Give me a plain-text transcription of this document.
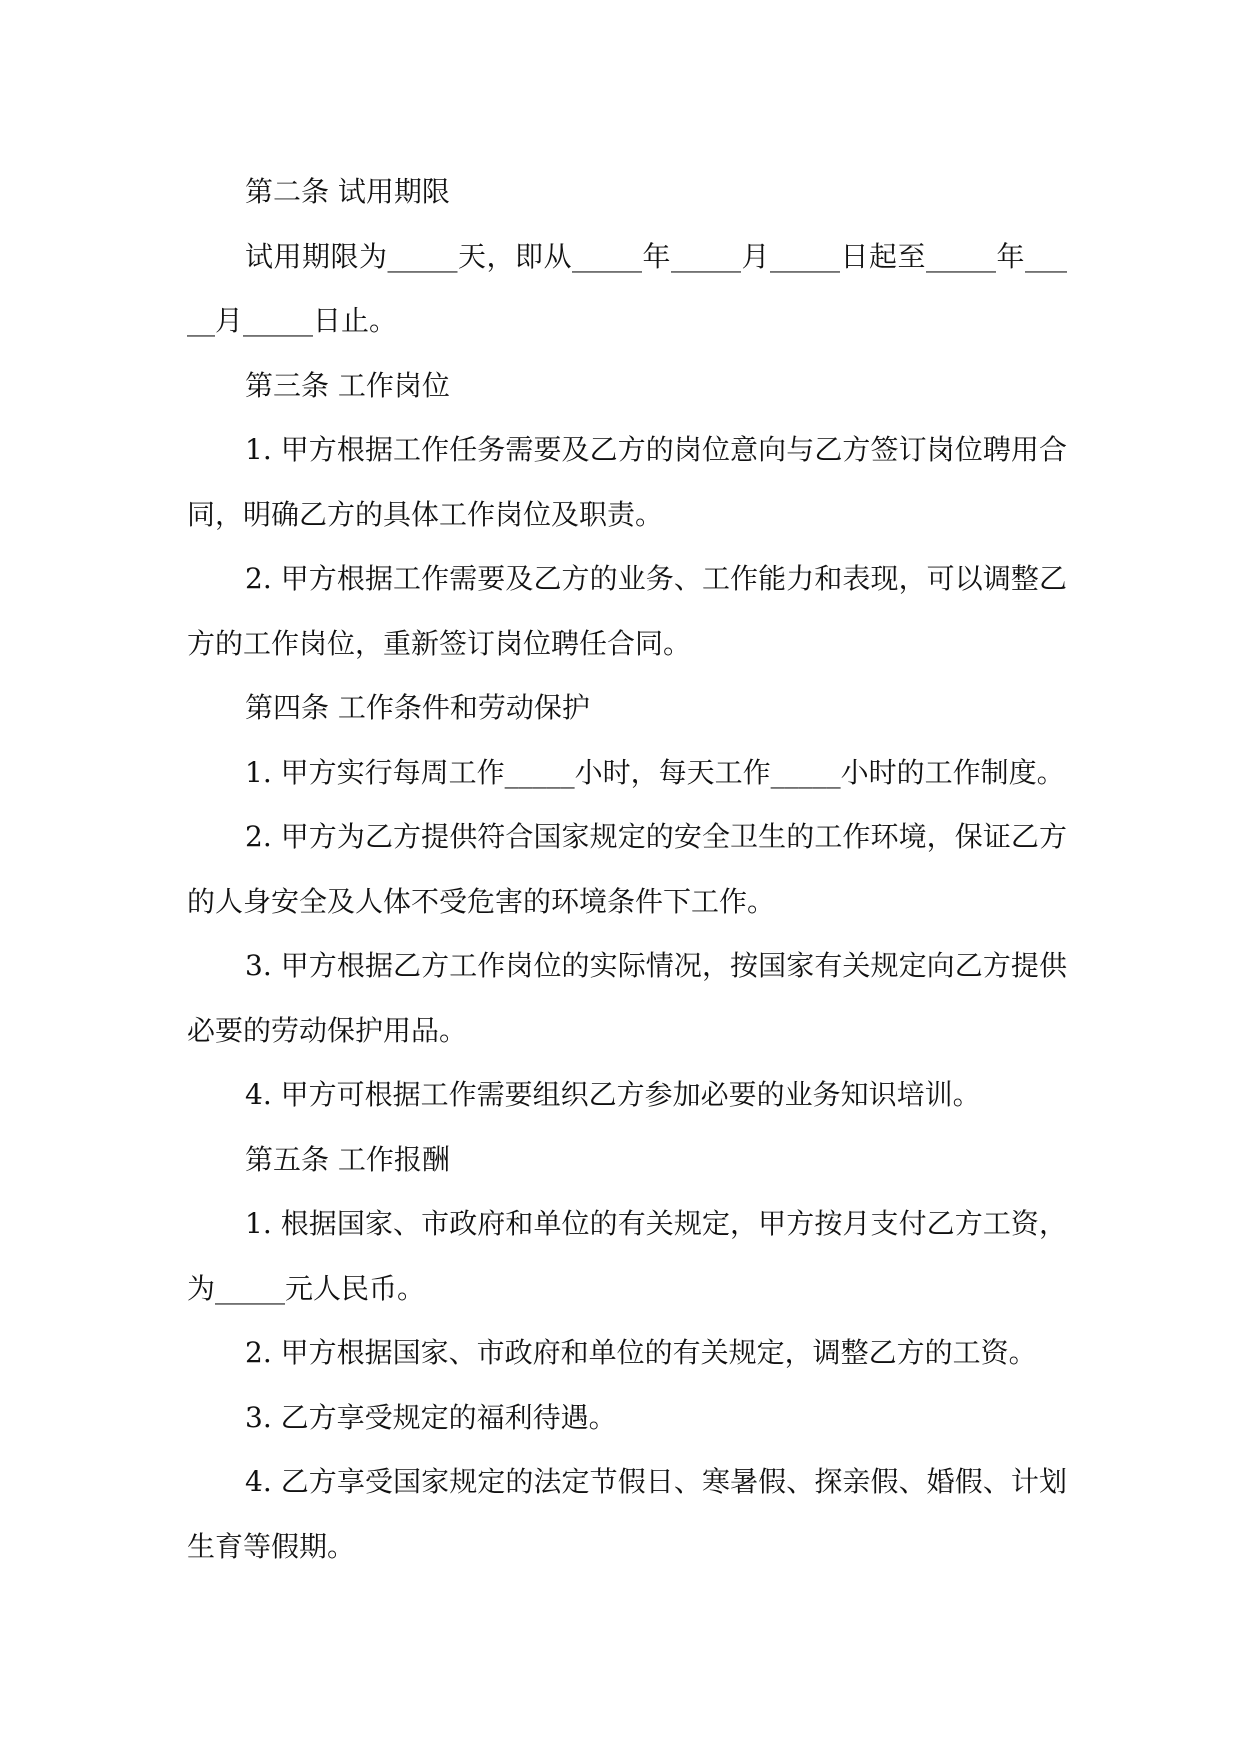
第二条 试用期限

试用期限为_____天，即从_____年_____月_____日起至_____年_____月_____日止。

第三条 工作岗位

1. 甲方根据工作任务需要及乙方的岗位意向与乙方签订岗位聘用合同，明确乙方的具体工作岗位及职责。

2. 甲方根据工作需要及乙方的业务、工作能力和表现，可以调整乙方的工作岗位，重新签订岗位聘任合同。

第四条 工作条件和劳动保护

1. 甲方实行每周工作_____小时，每天工作_____小时的工作制度。

2. 甲方为乙方提供符合国家规定的安全卫生的工作环境，保证乙方的人身安全及人体不受危害的环境条件下工作。

3. 甲方根据乙方工作岗位的实际情况，按国家有关规定向乙方提供必要的劳动保护用品。

4. 甲方可根据工作需要组织乙方参加必要的业务知识培训。

第五条 工作报酬

1. 根据国家、市政府和单位的有关规定，甲方按月支付乙方工资，为_____元人民币。

2. 甲方根据国家、市政府和单位的有关规定，调整乙方的工资。

3. 乙方享受规定的福利待遇。

4. 乙方享受国家规定的法定节假日、寒暑假、探亲假、婚假、计划生育等假期。
